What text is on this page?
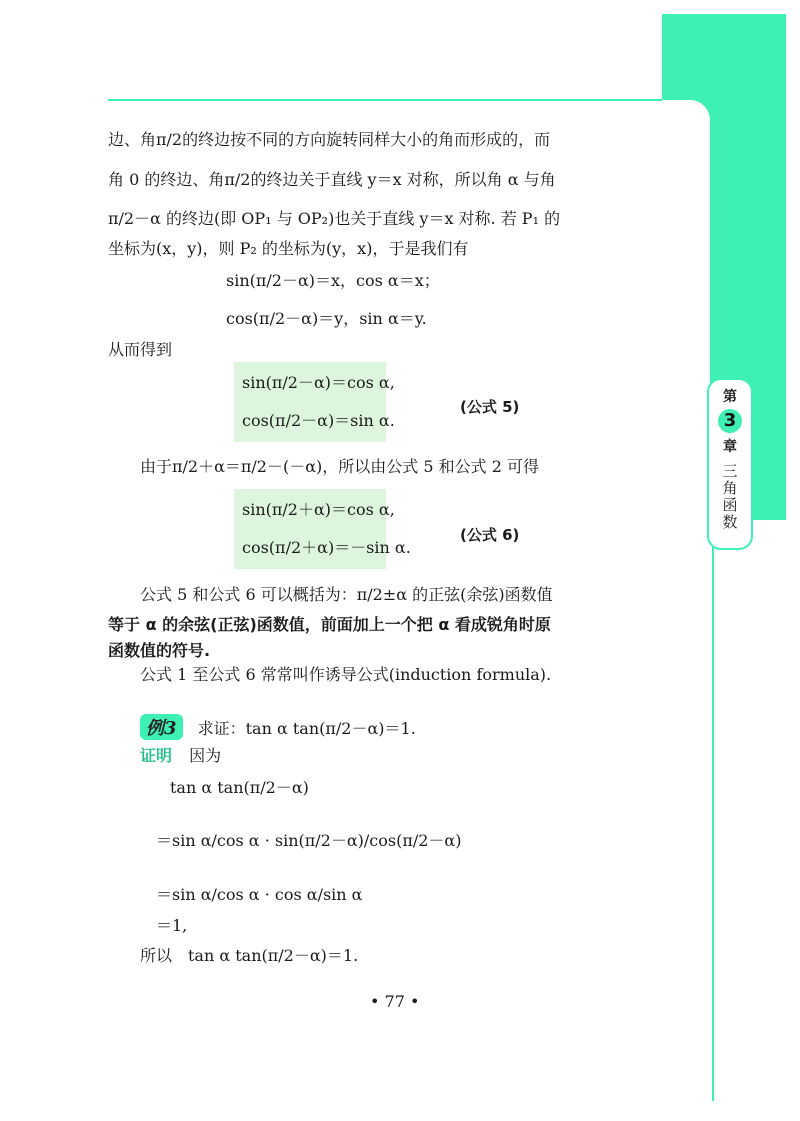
第
3
章
三角函数
边、角π/2的终边按不同的方向旋转同样大小的角而形成的，而
角 0 的终边、角π/2的终边关于直线 y＝x 对称，所以角 α 与角
π/2－α 的终边(即 OP₁ 与 OP₂)也关于直线 y＝x 对称. 若 P₁ 的
坐标为(x，y)，则 P₂ 的坐标为(y，x)，于是我们有
sin(π/2－α)＝x，cos α＝x；
cos(π/2－α)＝y，sin α＝y.
从而得到
sin(π/2－α)＝cos α,
cos(π/2－α)＝sin α.
(公式 5)
由于π/2＋α＝π/2－(－α)，所以由公式 5 和公式 2 可得
sin(π/2＋α)＝cos α,
cos(π/2＋α)＝－sin α.
(公式 6)
公式 5 和公式 6 可以概括为：π/2±α 的正弦(余弦)函数值
等于 α 的余弦(正弦)函数值，前面加上一个把 α 看成锐角时原
函数值的符号.
公式 1 至公式 6 常常叫作诱导公式(induction formula).
例3 求证：tan α tan(π/2－α)＝1.
证明 因为
tan α tan(π/2－α)
＝sin α/cos α · sin(π/2－α)/cos(π/2－α)
＝sin α/cos α · cos α/sin α
＝1,
所以　tan α tan(π/2－α)＝1.
• 77 •
